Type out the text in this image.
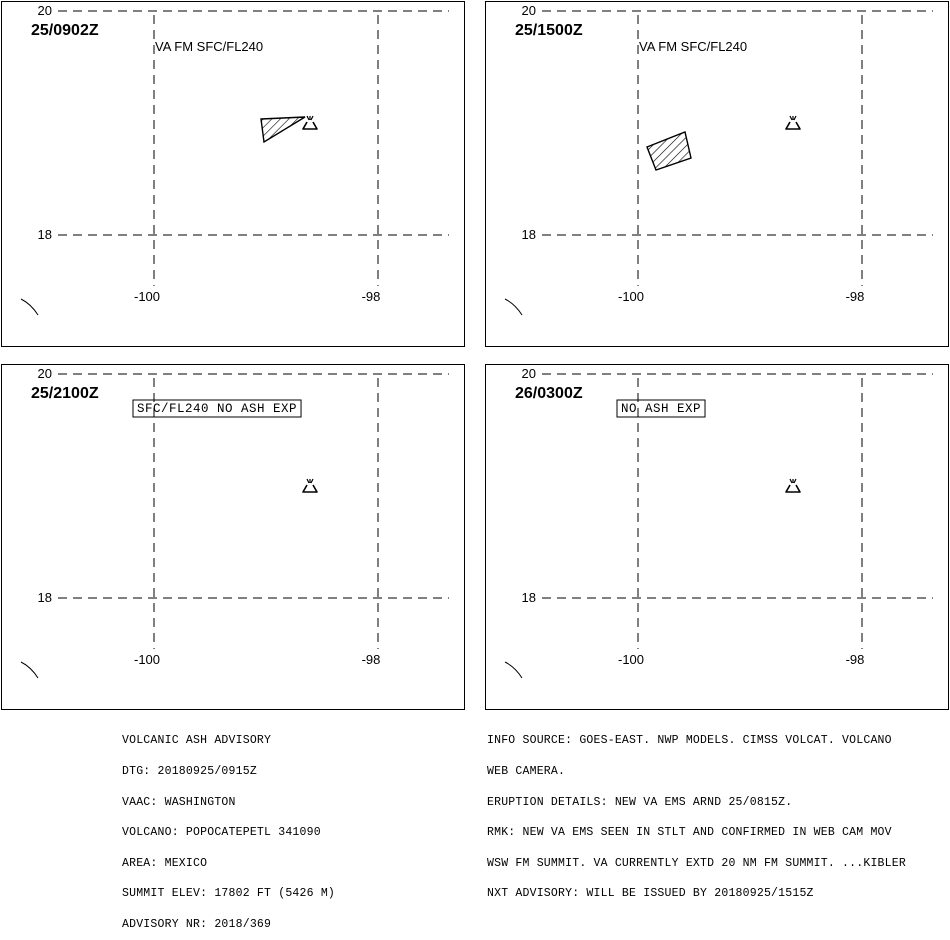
20
18
-100	-98
25/0902Z
VA FM SFC/FL240
20
18
-100	-98
25/1500Z
VA FM SFC/FL240
20
18
-100	-98
25/2100Z
SFC/FL240 NO ASH EXP
20
18
-100	-98
26/0300Z
NO ASH EXP

VOLCANIC ASH ADVISORY

DTG: 20180925/0915Z

VAAC: WASHINGTON

VOLCANO: POPOCATEPETL 341090

AREA: MEXICO

SUMMIT ELEV: 17802 FT (5426 M)

ADVISORY NR: 2018/369

INFO SOURCE: GOES-EAST. NWP MODELS. CIMSS VOLCAT. VOLCANO

WEB CAMERA.

ERUPTION DETAILS: NEW VA EMS ARND 25/0815Z.

RMK: NEW VA EMS SEEN IN STLT AND CONFIRMED IN WEB CAM MOV

WSW FM SUMMIT. VA CURRENTLY EXTD 20 NM FM SUMMIT. ...KIBLER

NXT ADVISORY: WILL BE ISSUED BY 20180925/1515Z
